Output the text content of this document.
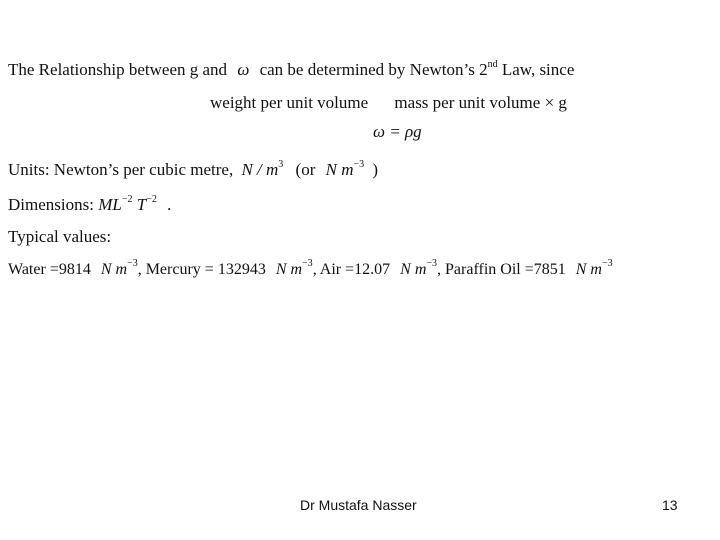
The Relationship between g and ω can be determined by Newton’s 2nd Law, since
weight per unit volume mass per unit volume × g
ω = ρg
Units: Newton’s per cubic metre, N / $m^3$ (or N $m^{-3}$ )
Dimensions: $ML^{-2}$ $T^{-2}$ .
Typical values:
Water =9814 N $m^{-3}$, Mercury = 132943 N $m^{-3}$, Air =12.07 N $m^{-3}$, Paraffin Oil =7851 N $m^{-3}$
Dr Mustafa Nasser	13
